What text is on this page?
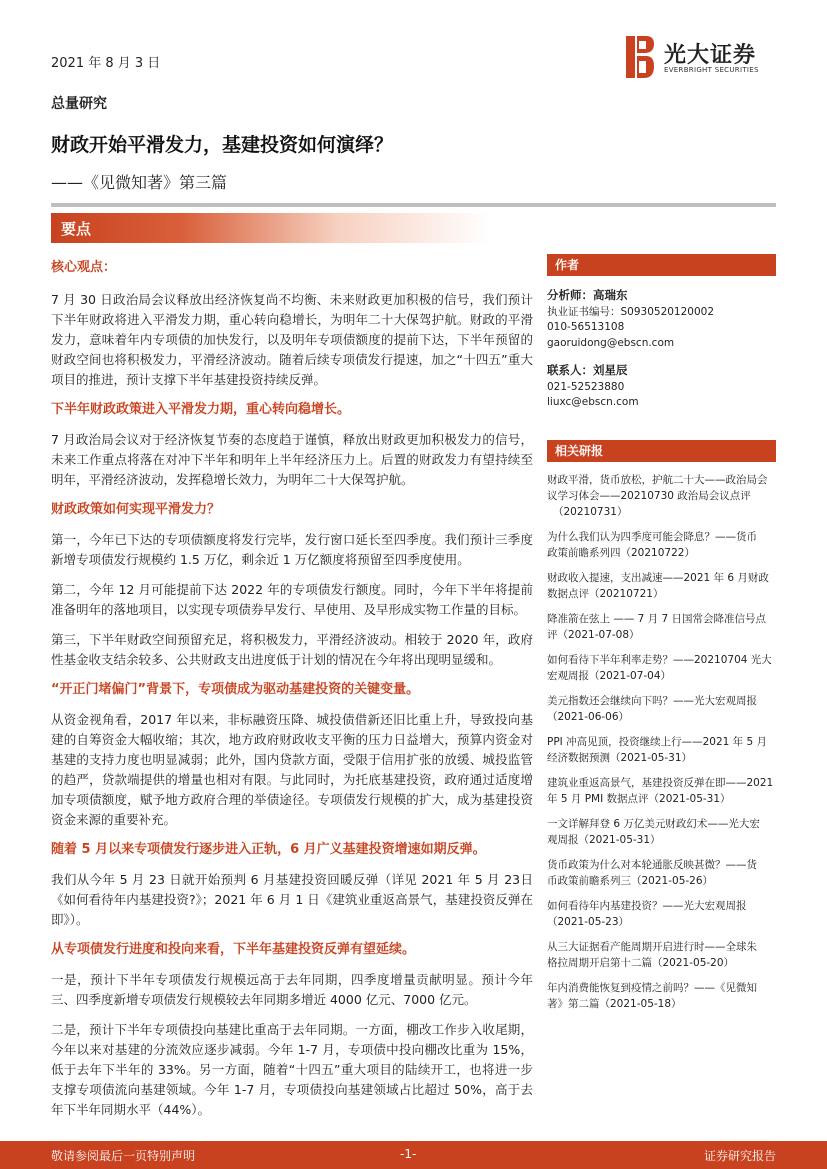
2021 年 8 月 3 日	光大证券
EVERBRIGHT SECURITIES
总量研究
财政开始平滑发力，基建投资如何演绎？
——《见微知著》第三篇
要点
核心观点：

7 月 30 日政治局会议释放出经济恢复尚不均衡、未来财政更加积极的信号，我们预计下半年财政将进入平滑发力期，重心转向稳增长，为明年二十大保驾护航。财政的平滑发力，意味着年内专项债的加快发行，以及明年专项债额度的提前下达，下半年预留的财政空间也将积极发力，平滑经济波动。随着后续专项债发行提速，加之“十四五”重大项目的推进，预计支撑下半年基建投资持续反弹。

下半年财政政策进入平滑发力期，重心转向稳增长。

7 月政治局会议对于经济恢复节奏的态度趋于谨慎，释放出财政更加积极发力的信号，未来工作重点将落在对冲下半年和明年上半年经济压力上。后置的财政发力有望持续至明年，平滑经济波动，发挥稳增长效力，为明年二十大保驾护航。

财政政策如何实现平滑发力？

第一，今年已下达的专项债额度将发行完毕，发行窗口延长至四季度。我们预计三季度新增专项债发行规模约 1.5 万亿，剩余近 1 万亿额度将预留至四季度使用。

第二，今年 12 月可能提前下达 2022 年的专项债发行额度。同时，今年下半年将提前准备明年的落地项目，以实现专项债券早发行、早使用、及早形成实物工作量的目标。

第三，下半年财政空间预留充足，将积极发力，平滑经济波动。相较于 2020 年，政府性基金收支结余较多、公共财政支出进度低于计划的情况在今年将出现明显缓和。

“开正门堵偏门”背景下，专项债成为驱动基建投资的关键变量。

从资金视角看，2017 年以来，非标融资压降、城投债借新还旧比重上升，导致投向基建的自筹资金大幅收缩；其次，地方政府财政收支平衡的压力日益增大，预算内资金对基建的支持力度也明显减弱；此外，国内贷款方面，受限于信用扩张的放缓、城投监管的趋严，贷款端提供的增量也相对有限。与此同时，为托底基建投资，政府通过适度增加专项债额度，赋予地方政府合理的举债途径。专项债发行规模的扩大，成为基建投资资金来源的重要补充。

随着 5 月以来专项债发行逐步进入正轨，6 月广义基建投资增速如期反弹。

我们从今年 5 月 23 日就开始预判 6 月基建投资回暖反弹（详见 2021 年 5 月 23日《如何看待年内基建投资?》；2021 年 6 月 1 日《建筑业重返高景气，基建投资反弹在即》）。

从专项债发行进度和投向来看，下半年基建投资反弹有望延续。

一是，预计下半年专项债发行规模远高于去年同期，四季度增量贡献明显。预计今年三、四季度新增专项债发行规模较去年同期多增近 4000 亿元、7000 亿元。

二是，预计下半年专项债投向基建比重高于去年同期。一方面，棚改工作步入收尾期，今年以来对基建的分流效应逐步减弱。今年 1-7 月，专项债中投向棚改比重为 15%，低于去年下半年的 33%。另一方面，随着“十四五”重大项目的陆续开工，也将进一步支撑专项债流向基建领域。今年 1-7 月，专项债投向基建领域占比超过 50%，高于去年下半年同期水平（44%）。

作者
分析师：高瑞东
执业证书编号：S0930520120002
010-56513108
gaoruidong@ebscn.com
联系人：刘星辰
021-52523880
liuxc@ebscn.com
相关研报
财政平滑，货币放松，护航二十大——政治局会
议学习体会——20210730 政治局会议点评
（20210731）
为什么我们认为四季度可能会降息？——货币
政策前瞻系列四（20210722）
财政收入提速，支出减速——2021 年 6 月财政
数据点评（20210721）
降准箭在弦上 —— 7 月 7 日国常会降准信号点
评（2021-07-08）
如何看待下半年利率走势？——20210704 光大
宏观周报（2021-07-04）
美元指数还会继续向下吗？——光大宏观周报
（2021-06-06）
PPI 冲高见顶，投资继续上行——2021 年 5 月
经济数据预测（2021-05-31）
建筑业重返高景气，基建投资反弹在即——2021
年 5 月 PMI 数据点评（2021-05-31）
一文详解拜登 6 万亿美元财政幻术——光大宏
观周报（2021-05-31）
货币政策为什么对本轮通胀反映甚微？——货
币政策前瞻系列三（2021-05-26）
如何看待年内基建投资？——光大宏观周报
（2021-05-23）
从三大证据看产能周期开启进行时——全球朱
格拉周期开启第十二篇（2021-05-20）
年内消费能恢复到疫情之前吗？——《见微知
著》第二篇（2021-05-18）
敬请参阅最后一页特别声明	-1-	证券研究报告
